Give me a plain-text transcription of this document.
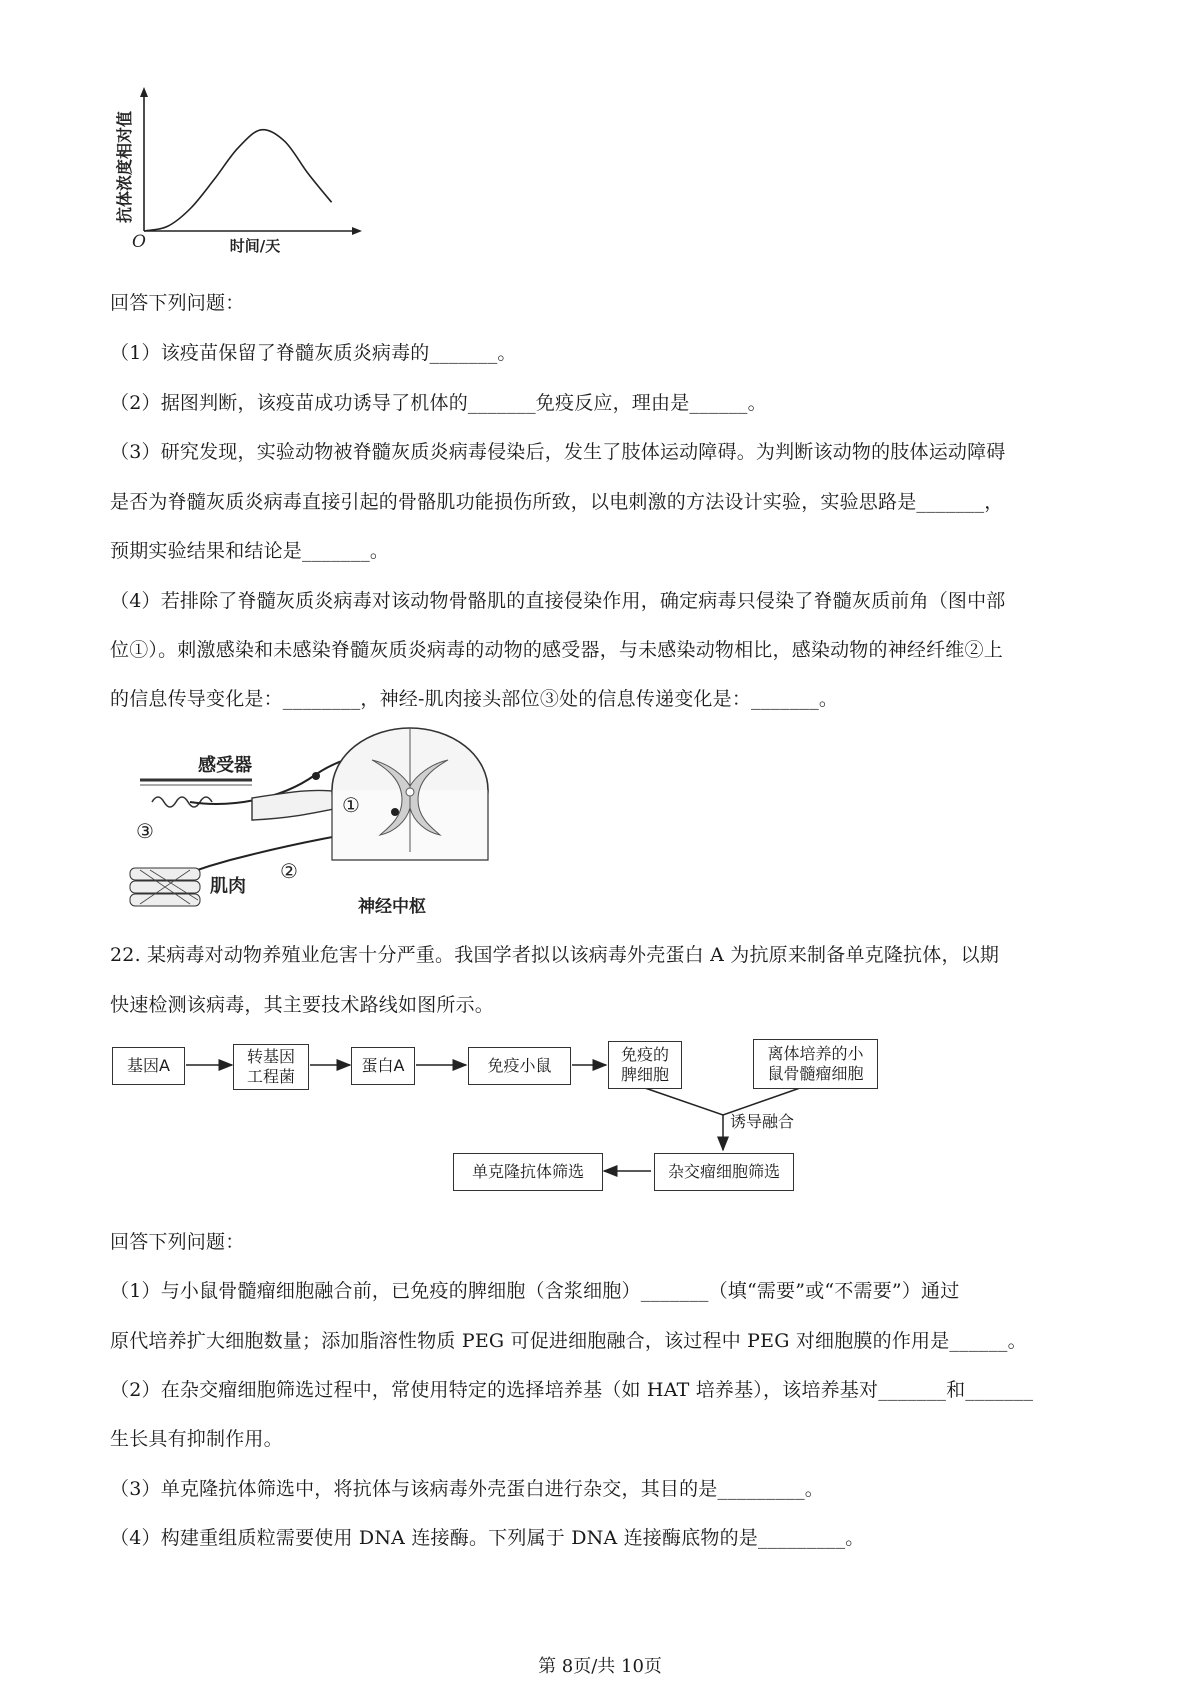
抗体浓度相对值
时间/天
O
回答下列问题：
（1）该疫苗保留了脊髓灰质炎病毒的_______。
（2）据图判断，该疫苗成功诱导了机体的_______免疫反应，理由是______。
（3）研究发现，实验动物被脊髓灰质炎病毒侵染后，发生了肢体运动障碍。为判断该动物的肢体运动障碍
是否为脊髓灰质炎病毒直接引起的骨骼肌功能损伤所致，以电刺激的方法设计实验，实验思路是_______，
预期实验结果和结论是_______。
（4）若排除了脊髓灰质炎病毒对该动物骨骼肌的直接侵染作用，确定病毒只侵染了脊髓灰质前角（图中部
位①）。刺激感染和未感染脊髓灰质炎病毒的动物的感受器，与未感染动物相比，感染动物的神经纤维②上
的信息传导变化是：________，神经-肌肉接头部位③处的信息传递变化是：_______。
感受器
①
②
③
肌肉
神经中枢
22. 某病毒对动物养殖业危害十分严重。我国学者拟以该病毒外壳蛋白 A 为抗原来制备单克隆抗体，以期
快速检测该病毒，其主要技术路线如图所示。
基因A	转基因
工程菌
蛋白A	免疫小鼠
免疫的
脾细胞
离体培养的小
鼠骨髓瘤细胞
诱导融合
杂交瘤细胞筛选
单克隆抗体筛选
回答下列问题：
（1）与小鼠骨髓瘤细胞融合前，已免疫的脾细胞（含浆细胞）_______（填“需要”或“不需要”）通过
原代培养扩大细胞数量；添加脂溶性物质 PEG 可促进细胞融合，该过程中 PEG 对细胞膜的作用是______。
（2）在杂交瘤细胞筛选过程中，常使用特定的选择培养基（如 HAT 培养基），该培养基对_______和_______
生长具有抑制作用。
（3）单克隆抗体筛选中，将抗体与该病毒外壳蛋白进行杂交，其目的是_________。
（4）构建重组质粒需要使用 DNA 连接酶。下列属于 DNA 连接酶底物的是_________。
第 8页/共 10页
